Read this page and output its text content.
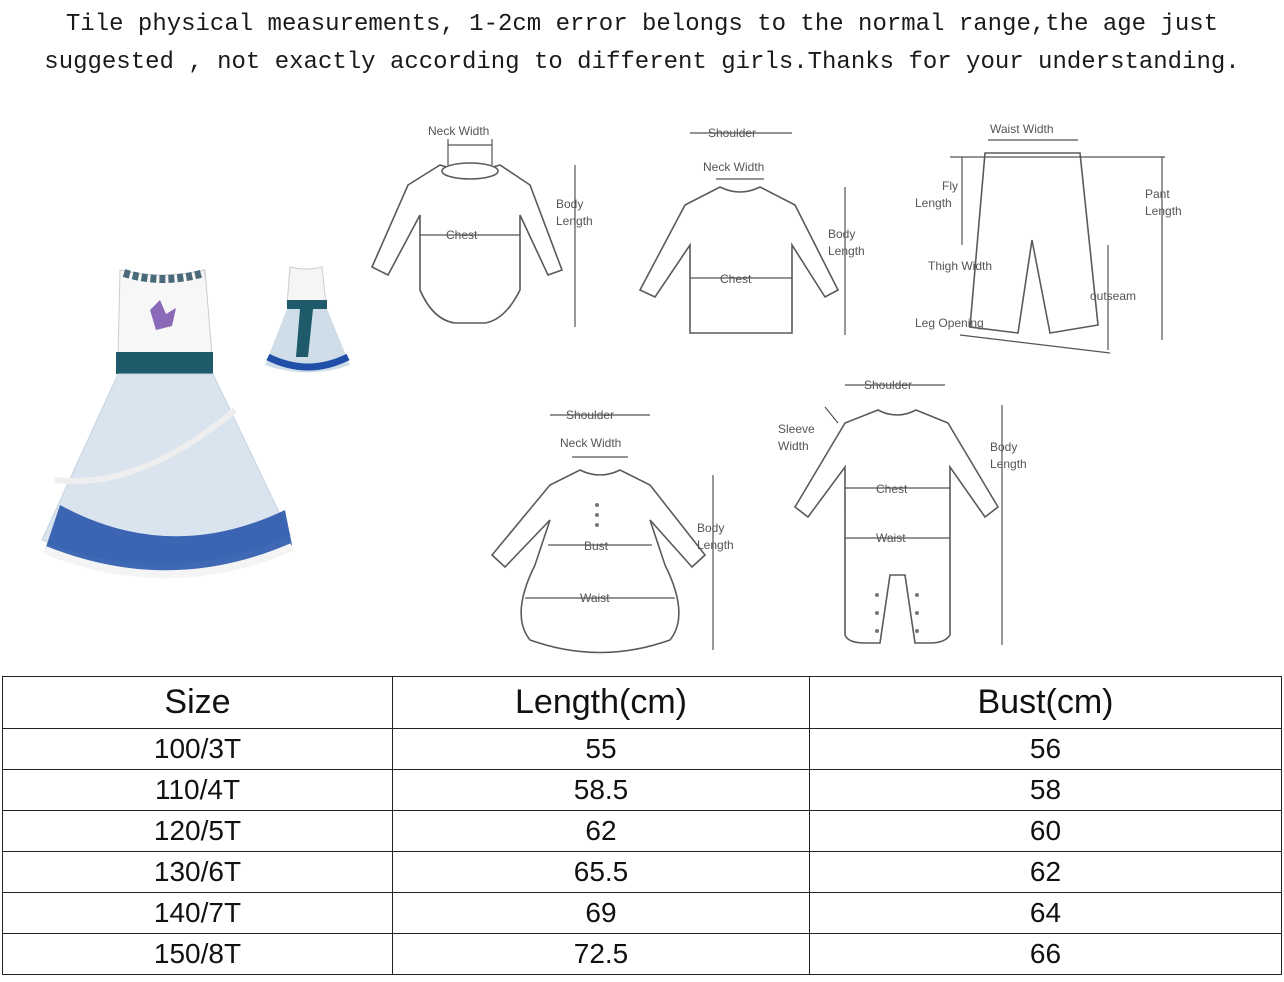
Tile physical measurements, 1-2cm error belongs to the normal range,the age just
suggested , not exactly according to different girls.Thanks for your understanding.
Neck Width
Chest
Body
Length
Shoulder
Neck Width
Chest
Body
Length
Waist Width
Fly
Length
Pant
Length
Thigh Width
outseam
Leg Opening
Shoulder
Neck Width
Bust
Waist
Body
Length
Shoulder
Sleeve
Width
Chest
Waist
Body
Length
Size	Length(cm)	Bust(cm)
100/3T	55	56
110/4T	58.5	58
120/5T	62	60
130/6T	65.5	62
140/7T	69	64
150/8T	72.5	66
